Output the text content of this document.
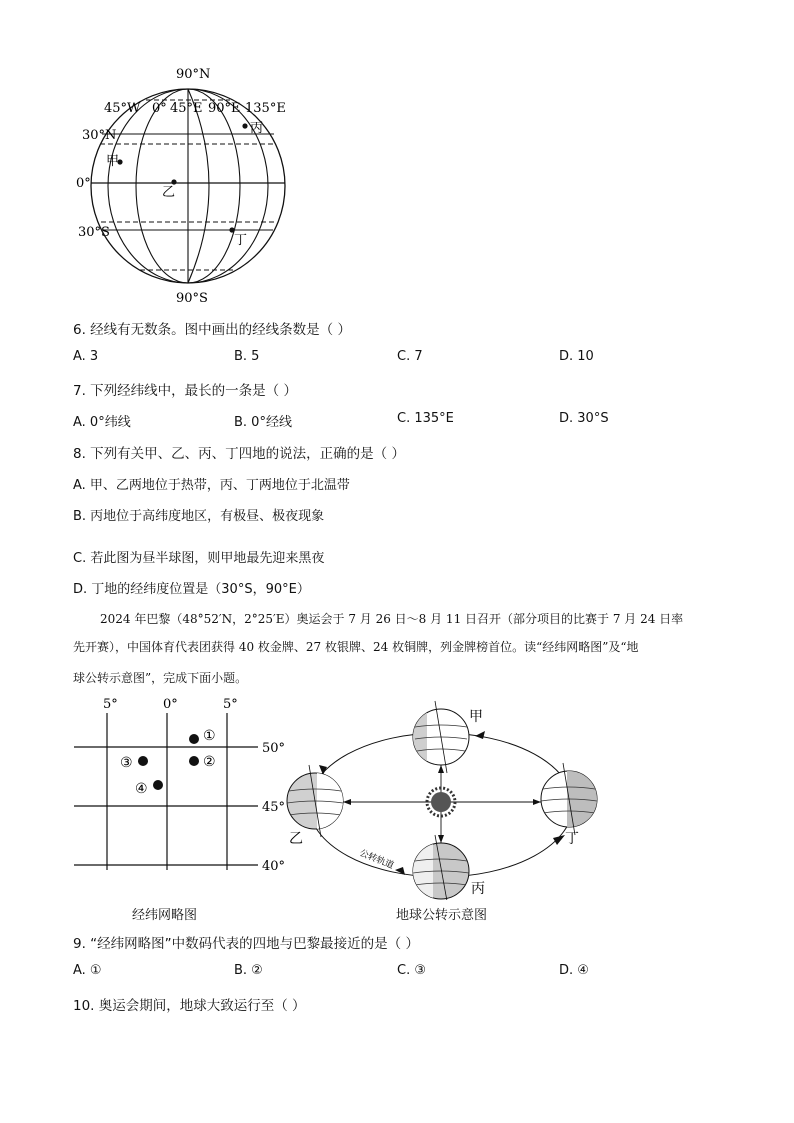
90°N
90°S
45°W 0° 45°E 90°E 135°E
30°N
0°
30°S
甲
乙
丙
丁
6. 经线有无数条。图中画出的经线条数是（ ）
A. 3	B. 5	C. 7	D. 10
7. 下列经纬线中，最长的一条是（ ）
A. 0°纬线	B. 0°经线	C. 135°E	D. 30°S
8. 下列有关甲、乙、丙、丁四地的说法，正确的是（ ）
A. 甲、乙两地位于热带，丙、丁两地位于北温带
B. 丙地位于高纬度地区，有极昼、极夜现象
C. 若此图为昼半球图，则甲地最先迎来黑夜
D. 丁地的经纬度位置是（30°S，90°E）
2024 年巴黎（48°52′N，2°25′E）奥运会于 7 月 26 日～8 月 11 日召开（部分项目的比赛于 7 月 24 日率
先开赛），中国体育代表团获得 40 枚金牌、27 枚银牌、24 枚铜牌，列金牌榜首位。读“经纬网略图”及“地
球公转示意图”，完成下面小题。
5°	0°	5°
50°
45°
40°
①
②
③
④
经纬网略图
甲
乙
丙
丁
公转轨道
地球公转示意图
9. “经纬网略图”中数码代表的四地与巴黎最接近的是（ ）
A. ①	B. ②	C. ③	D. ④
10. 奥运会期间，地球大致运行至（ ）
